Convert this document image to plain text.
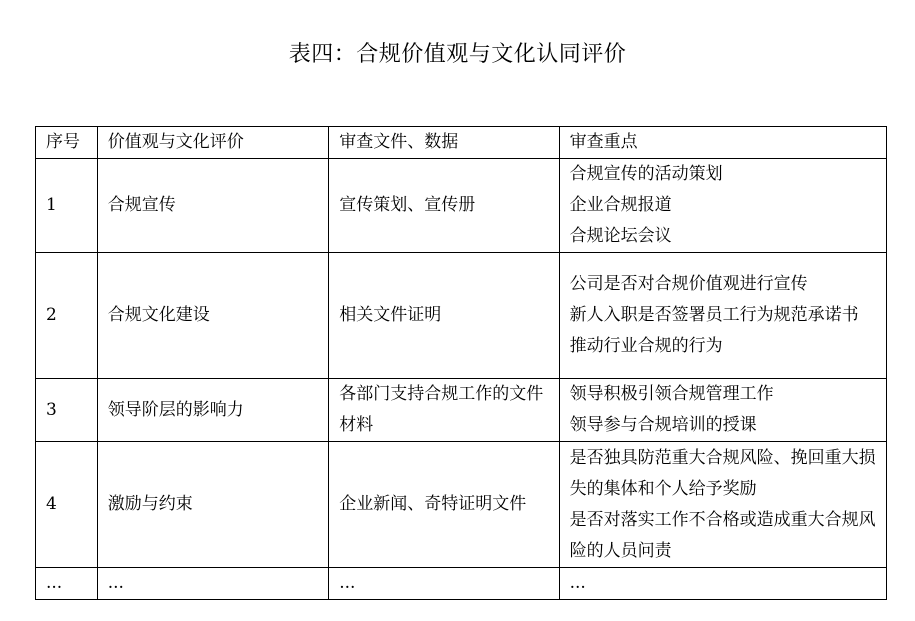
表四：合规价值观与文化认同评价
序号	价值观与文化评价	审查文件、数据	审查重点
1	合规宣传	宣传策划、宣传册	合规宣传的活动策划
企业合规报道
合规论坛会议

2	合规文化建设	相关文件证明	公司是否对合规价值观进行宣传
新人入职是否签署员工行为规范承诺书
推动行业合规的行为

3	领导阶层的影响力	各部门支持合规工作的文件材料	领导积极引领合规管理工作
领导参与合规培训的授课

4	激励与约束	企业新闻、奇特证明文件	是否独具防范重大合规风险、挽回重大损失的集体和个人给予奖励
是否对落实工作不合格或造成重大合规风险的人员问责

...	...	...	...
